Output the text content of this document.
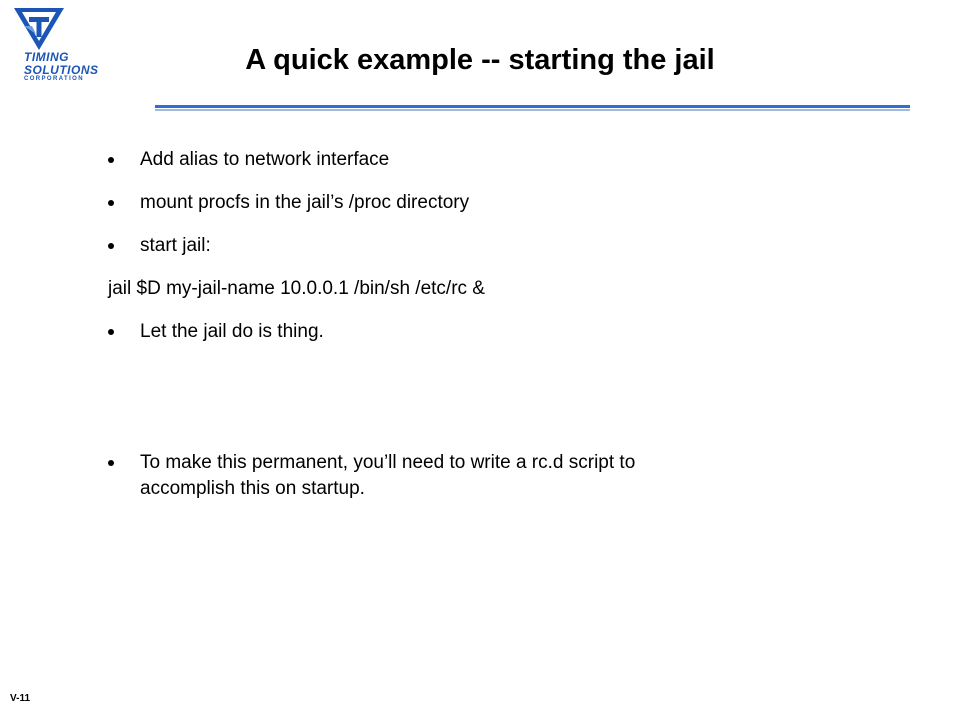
TIMING
SOLUTIONS
CORPORATION
A quick example -- starting the jail
Add alias to network interface
mount procfs in the jail’s /proc directory
start jail:
jail $D my-jail-name 10.0.0.1 /bin/sh /etc/rc &
Let the jail do is thing.
To make this permanent, you’ll need to write a rc.d script to
accomplish this on startup.
V-11
